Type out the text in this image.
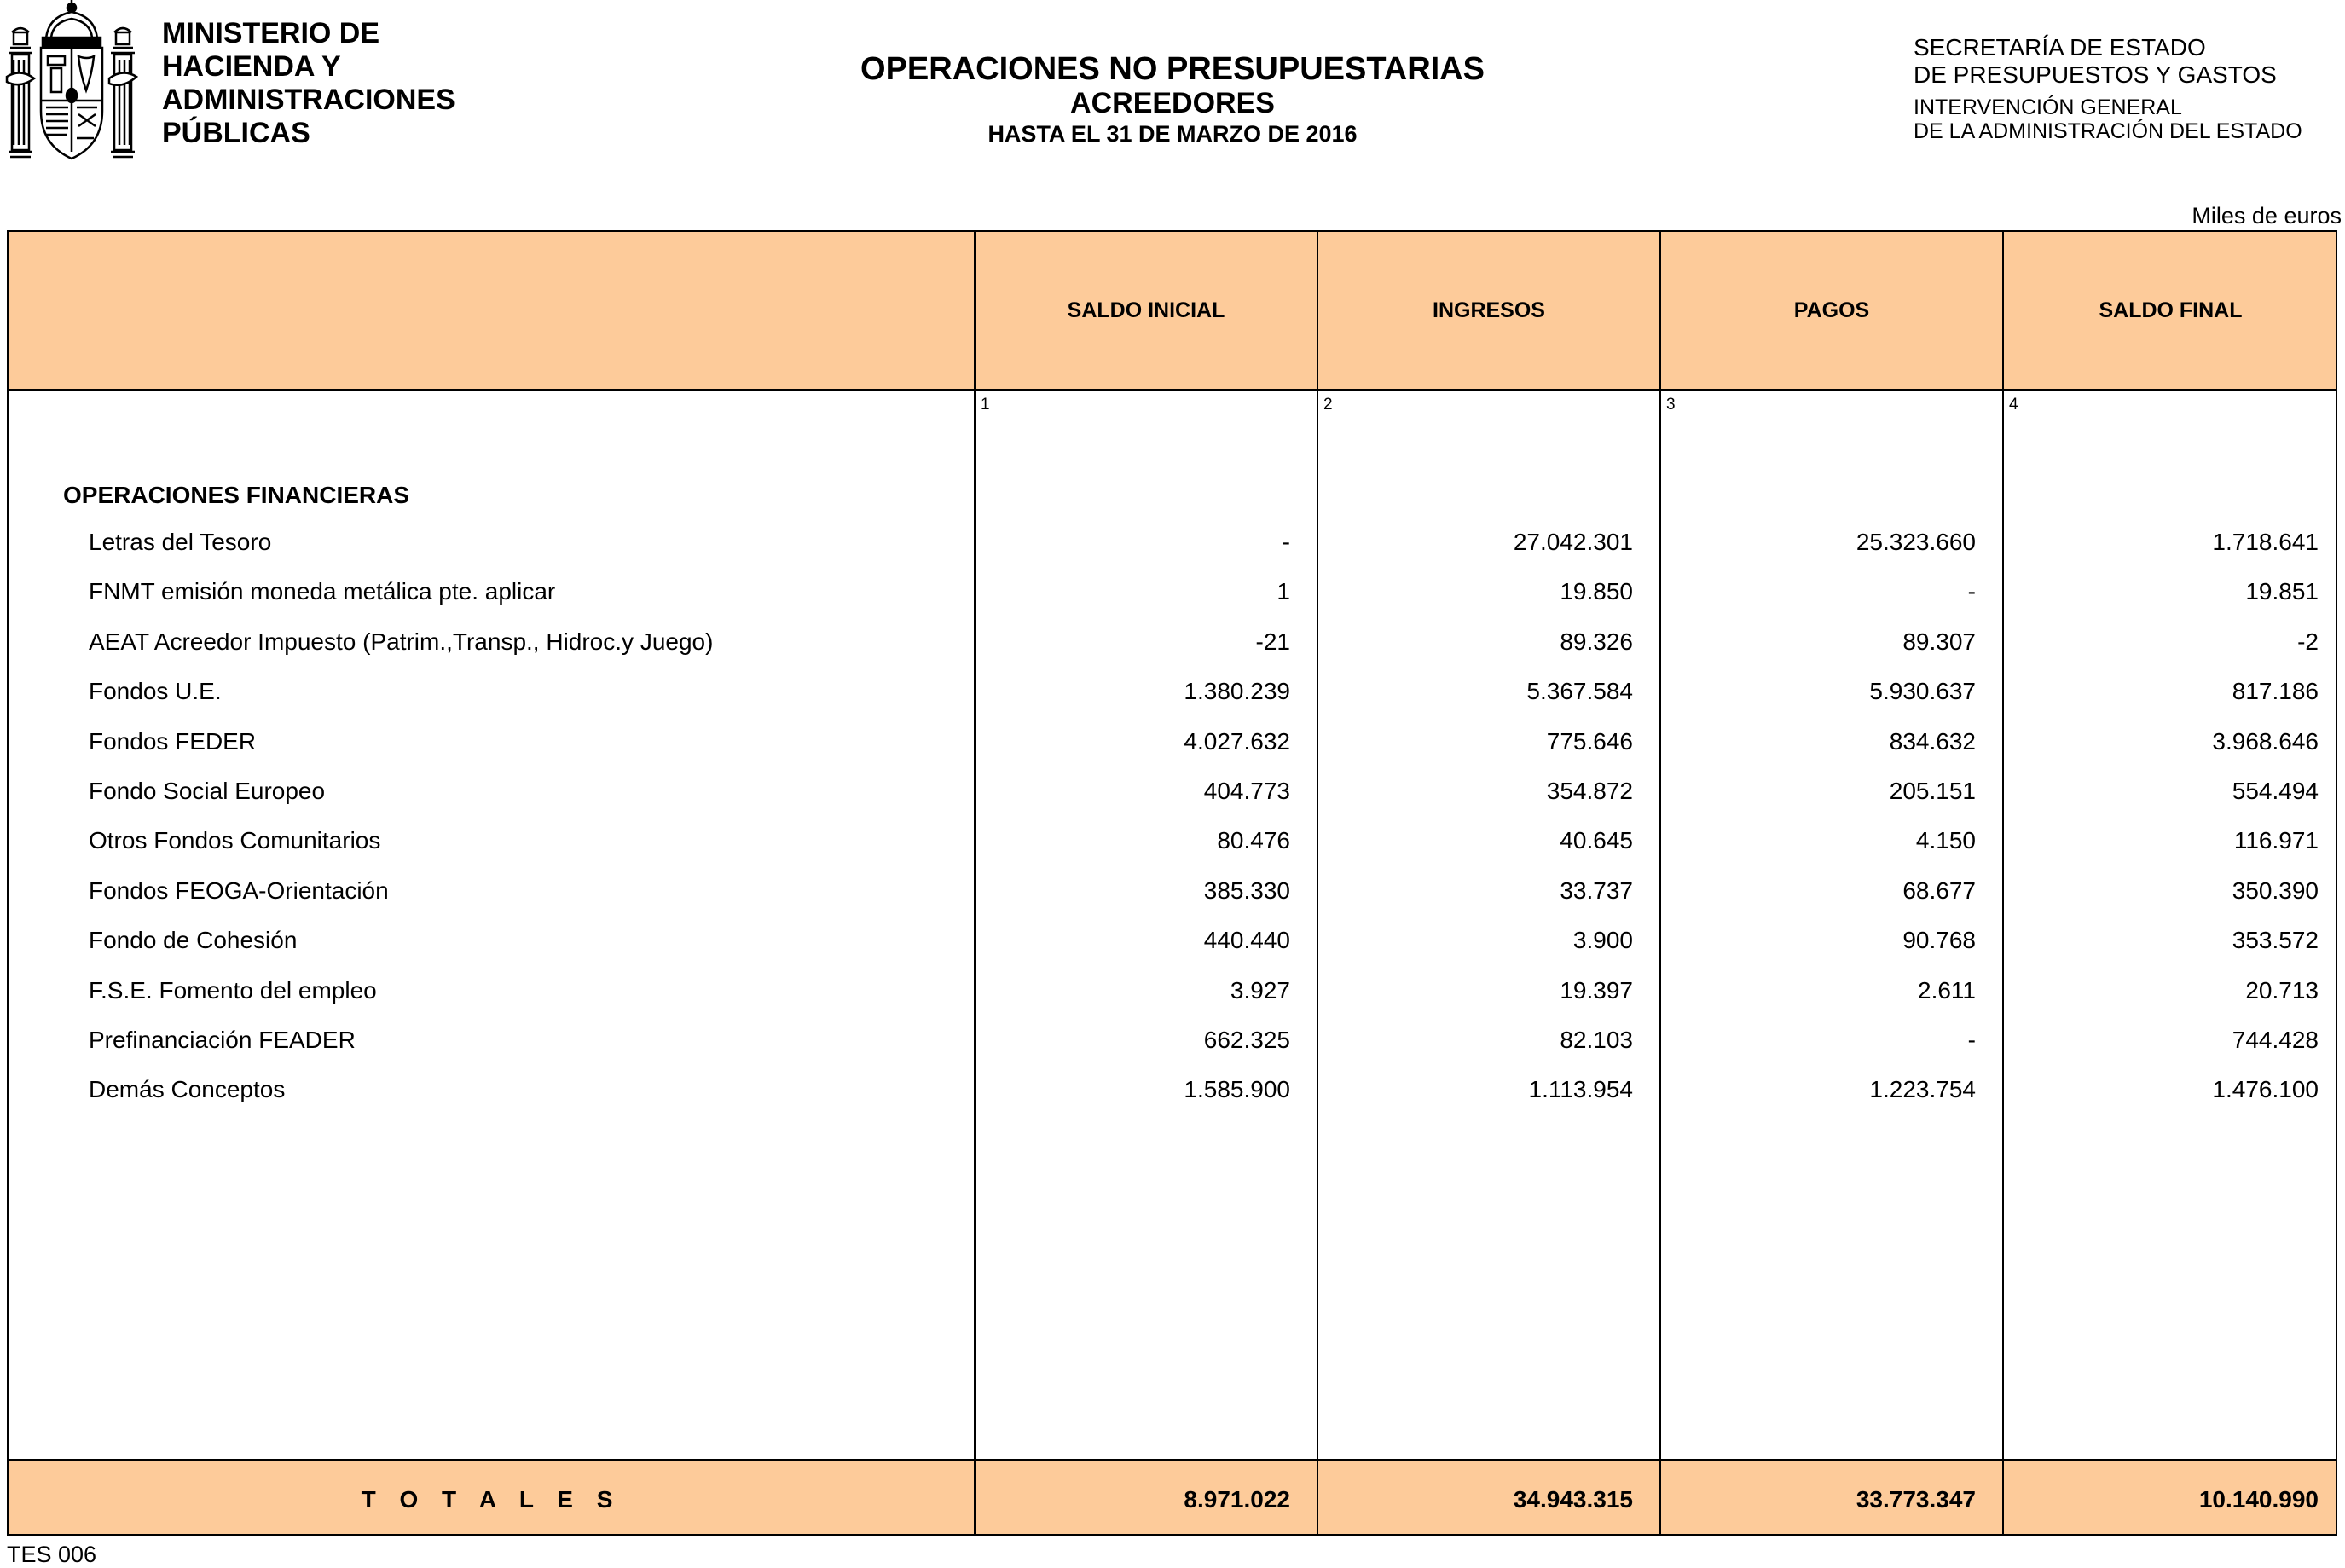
MINISTERIO DE
HACIENDA Y
ADMINISTRACIONES
PÚBLICAS
OPERACIONES NO PRESUPUESTARIAS
ACREEDORES
HASTA EL 31 DE MARZO DE 2016
SECRETARÍA DE ESTADO
DE PRESUPUESTOS Y GASTOS
INTERVENCIÓN GENERAL
DE LA ADMINISTRACIÓN DEL ESTADO
Miles de euros
SALDO INICIAL	INGRESOS	PAGOS	SALDO FINAL
1	2	3	4
OPERACIONES FINANCIERAS
Letras del Tesoro	-	27.042.301	25.323.660	1.718.641
FNMT emisión moneda metálica pte. aplicar	1	19.850	-	19.851
AEAT Acreedor Impuesto (Patrim.,Transp., Hidroc.y Juego)	-21	89.326	89.307	-2
Fondos U.E.	1.380.239	5.367.584	5.930.637	817.186
Fondos FEDER	4.027.632	775.646	834.632	3.968.646
Fondo Social Europeo	404.773	354.872	205.151	554.494
Otros Fondos Comunitarios	80.476	40.645	4.150	116.971
Fondos FEOGA-Orientación	385.330	33.737	68.677	350.390
Fondo de Cohesión	440.440	3.900	90.768	353.572
F.S.E. Fomento del empleo	3.927	19.397	2.611	20.713
Prefinanciación FEADER	662.325	82.103	-	744.428
Demás Conceptos	1.585.900	1.113.954	1.223.754	1.476.100
T O T A L E S	8.971.022	34.943.315	33.773.347	10.140.990
TES 006
